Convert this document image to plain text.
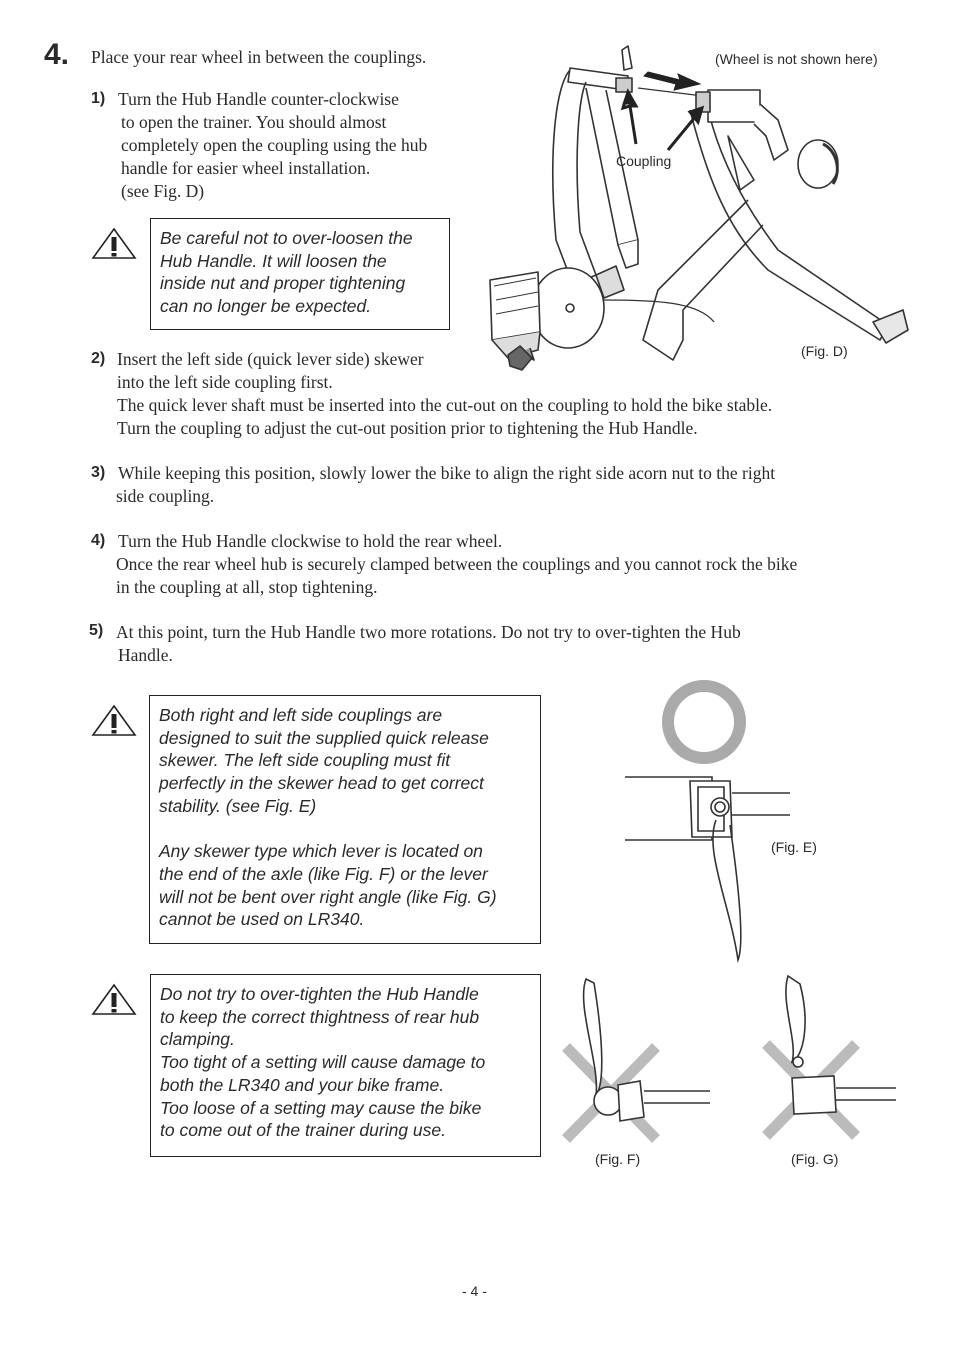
4. Place your rear wheel in between the couplings.
1) Turn the Hub Handle counter-clockwise
to open the trainer. You should almost
completely open the coupling using the hub
handle for easier wheel installation.
(see Fig. D)

Be careful not to over-loosen the

Hub Handle. It will loosen the

inside nut and proper tightening

can no longer be expected.

2) Insert the left side (quick lever side) skewer
into the left side coupling first.
The quick lever shaft must be inserted into the cut-out on the coupling to hold the bike stable.
Turn the coupling to adjust the cut-out position prior to tightening the Hub Handle.
3) While keeping this position, slowly lower the bike to align the right side acorn nut to the right
side coupling.
4) Turn the Hub Handle clockwise to hold the rear wheel.
Once the rear wheel hub is securely clamped between the couplings and you cannot rock the bike
in the coupling at all, stop tightening.
5) At this point, turn the Hub Handle two more rotations. Do not try to over-tighten the Hub
Handle.

Both right and left side couplings are

designed to suit the supplied quick release

skewer. The left side coupling must fit

perfectly in the skewer head to get correct

stability. (see Fig. E)

Any skewer type which lever is located on

the end of the axle (like Fig. F) or the lever

will not be bent over right angle (like Fig. G)

cannot be used on LR340.

Do not try to over-tighten the Hub Handle

to keep the correct thightness of rear hub

clamping.

Too tight of a setting will cause damage to

both the LR340 and your bike frame.

Too loose of a setting may cause the bike

to come out of the trainer during use.

(Wheel is not shown here)
Coupling
(Fig. D)
(Fig. E)
(Fig. F)	(Fig. G)
- 4 -
